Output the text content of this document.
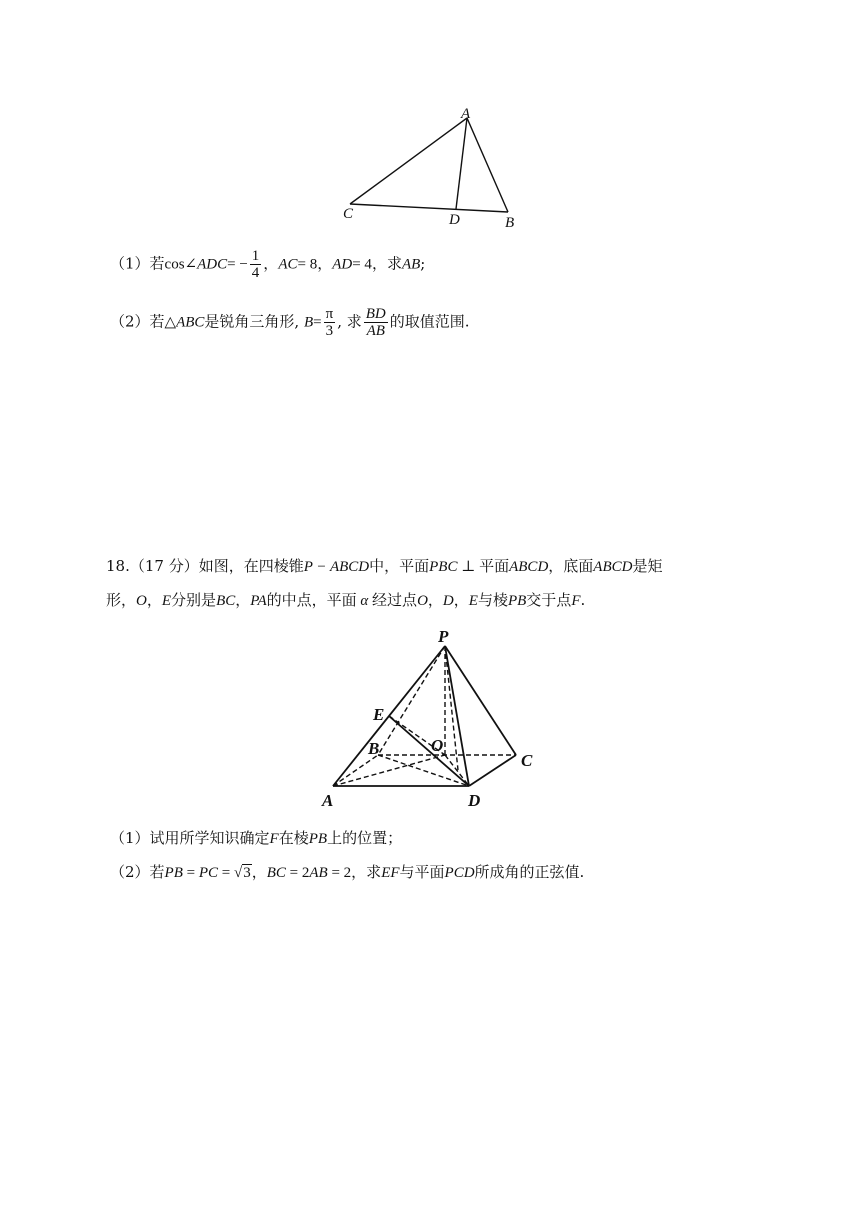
A
C	D	B
（1）若cos∠ADC= − $\frac{1}{4}$ ，AC= 8，AD= 4，求AB;
（2）若△ABC是锐角三角形, $B= \frac{\pi}{3}$ , 求 $\frac{BD}{AB}$ 的取值范围.
18.（17 分）如图，在四棱锥P − ABCD中，平面PBC ⊥ 平面ABCD，底面ABCD是矩
形，O，E分别是BC，PA的中点，平面 α 经过点O，D，E与棱PB交于点F.
P
E
B	O
C
A	D
（1）试用所学知识确定F在棱PB上的位置；
（2）若PB = PC = √3，BC = 2AB = 2，求EF与平面PCD所成角的正弦值.
